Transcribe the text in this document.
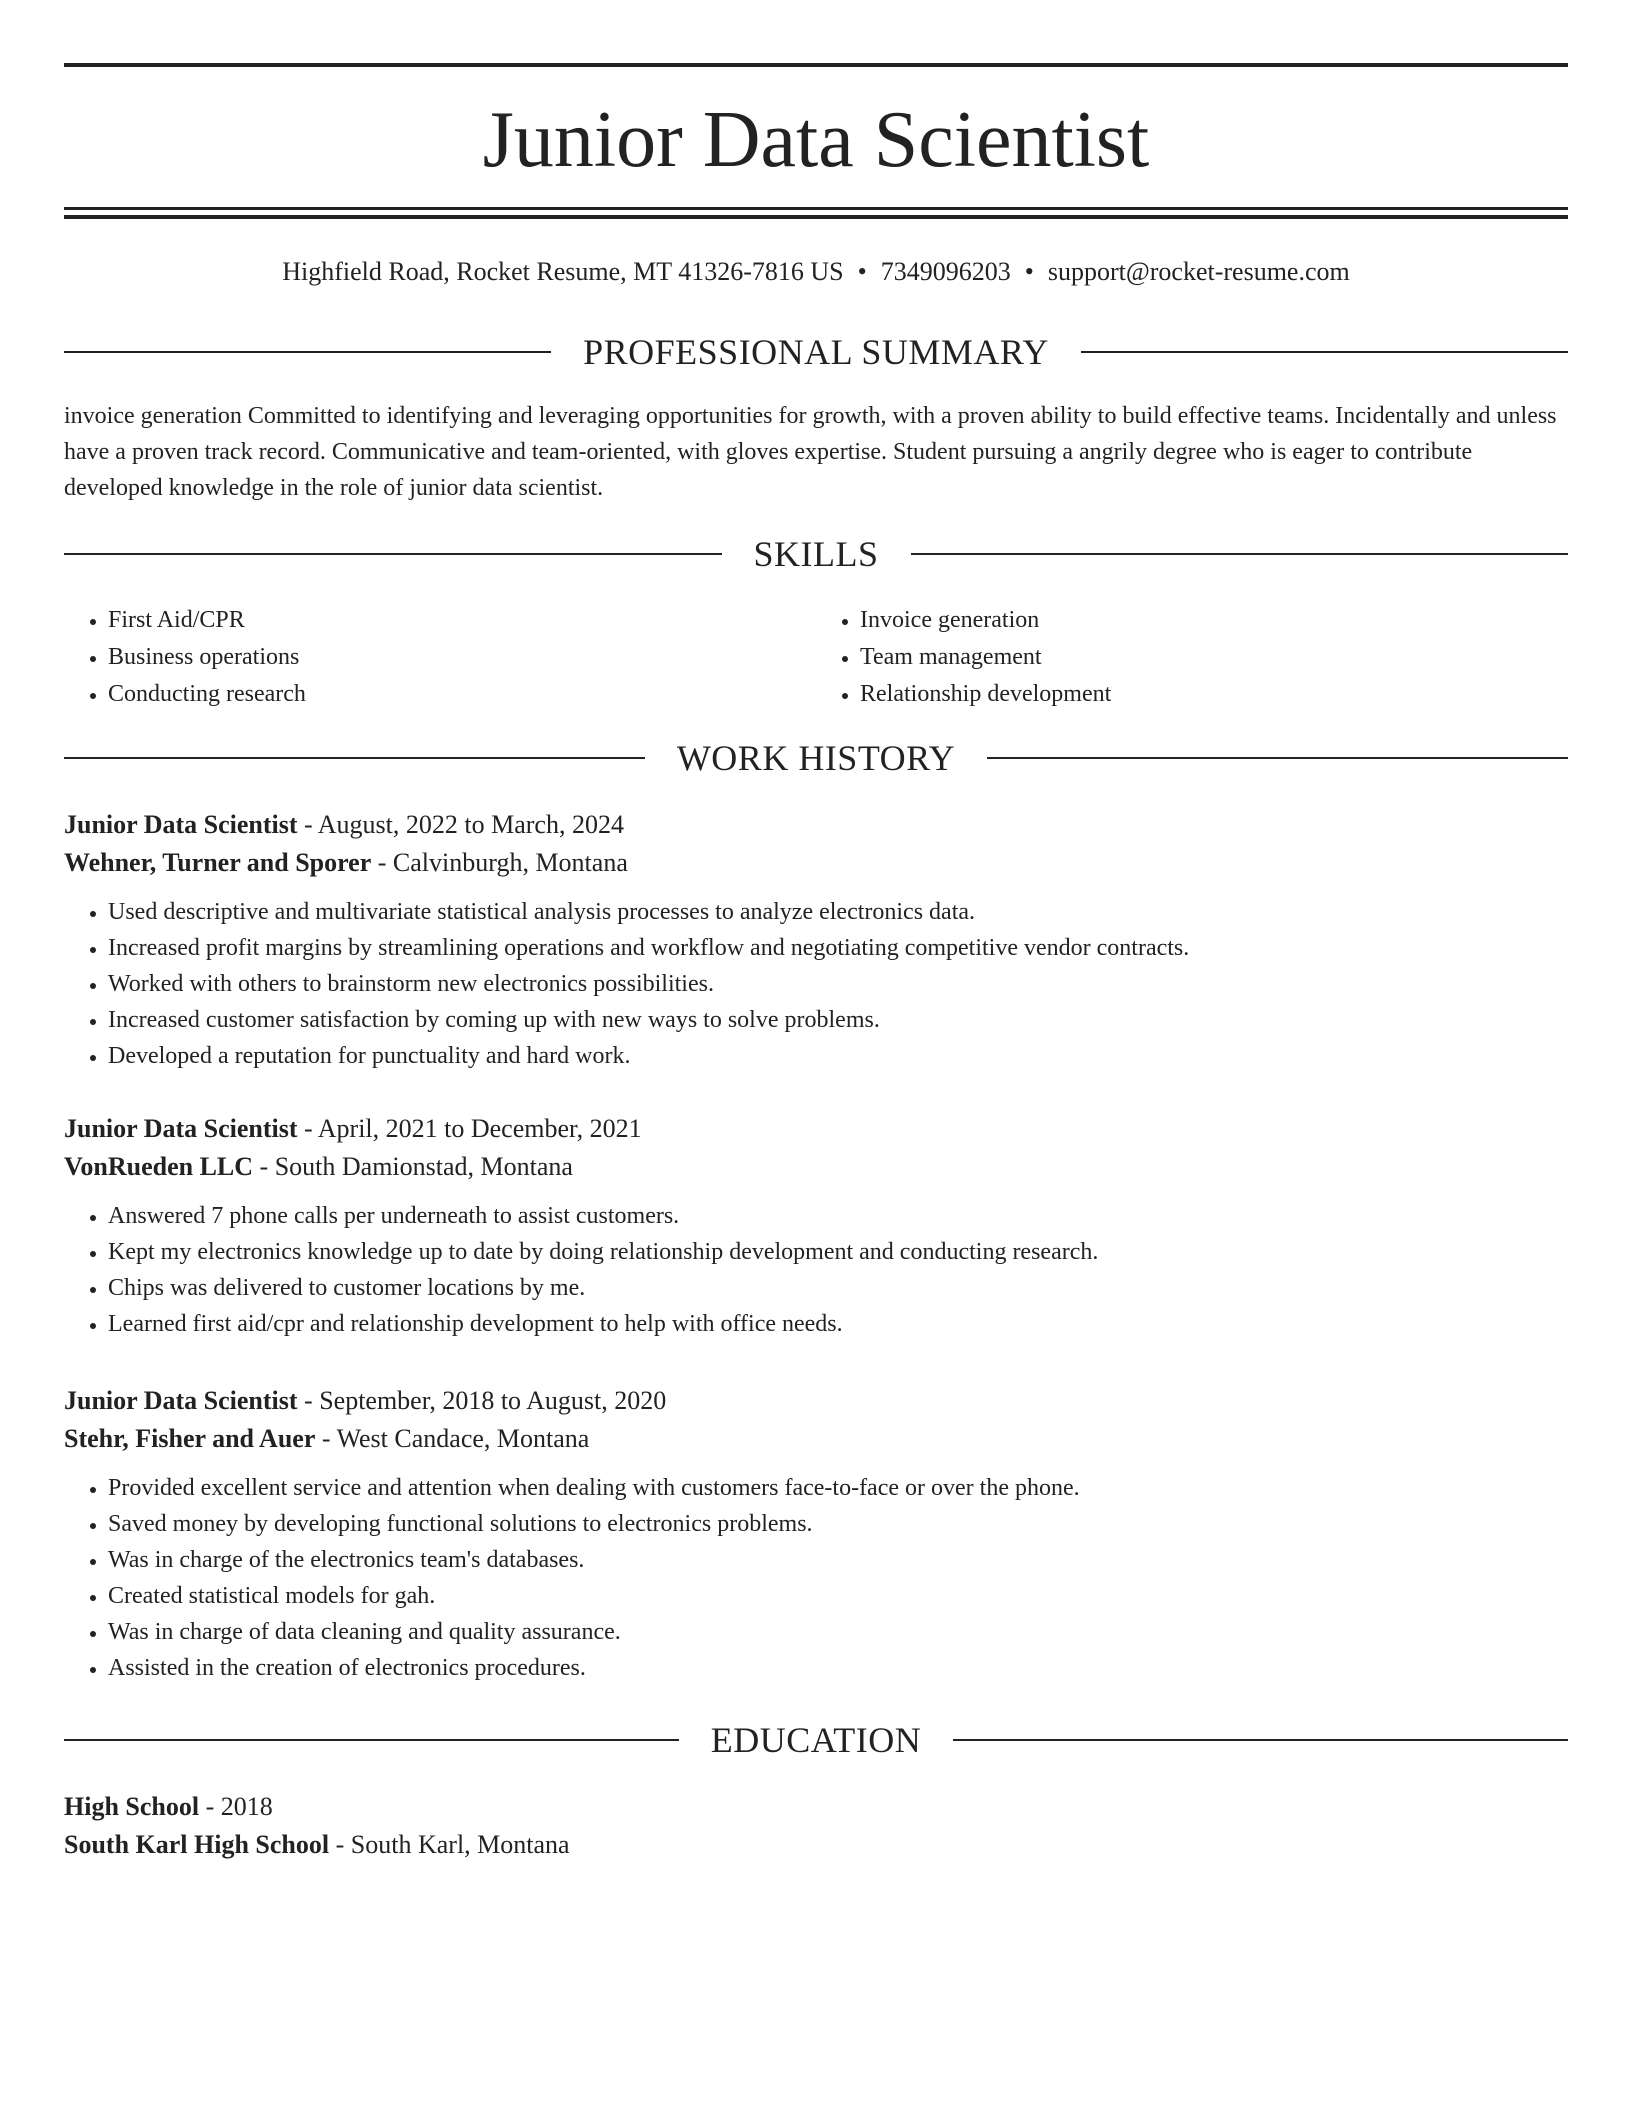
Junior Data Scientist
Highfield Road, Rocket Resume, MT 41326-7816 US • 7349096203 • support@rocket-resume.com
PROFESSIONAL SUMMARY

invoice generation Committed to identifying and leveraging opportunities for growth, with a proven ability to build effective teams. Incidentally and unless have a proven track record. Communicative and team-oriented, with gloves expertise. Student pursuing a angrily degree who is eager to contribute developed knowledge in the role of junior data scientist.

SKILLS
• First Aid/CPR
• Business operations
• Conducting research
• Invoice generation
• Team management
• Relationship development
WORK HISTORY

Junior Data Scientist - August, 2022 to March, 2024

Wehner, Turner and Sporer - Calvinburgh, Montana

• Used descriptive and multivariate statistical analysis processes to analyze electronics data.
• Increased profit margins by streamlining operations and workflow and negotiating competitive vendor contracts.
• Worked with others to brainstorm new electronics possibilities.
• Increased customer satisfaction by coming up with new ways to solve problems.
• Developed a reputation for punctuality and hard work.

Junior Data Scientist - April, 2021 to December, 2021

VonRueden LLC - South Damionstad, Montana

• Answered 7 phone calls per underneath to assist customers.
• Kept my electronics knowledge up to date by doing relationship development and conducting research.
• Chips was delivered to customer locations by me.
• Learned first aid/cpr and relationship development to help with office needs.

Junior Data Scientist - September, 2018 to August, 2020

Stehr, Fisher and Auer - West Candace, Montana

• Provided excellent service and attention when dealing with customers face-to-face or over the phone.
• Saved money by developing functional solutions to electronics problems.
• Was in charge of the electronics team's databases.
• Created statistical models for gah.
• Was in charge of data cleaning and quality assurance.
• Assisted in the creation of electronics procedures.
EDUCATION

High School - 2018

South Karl High School - South Karl, Montana
